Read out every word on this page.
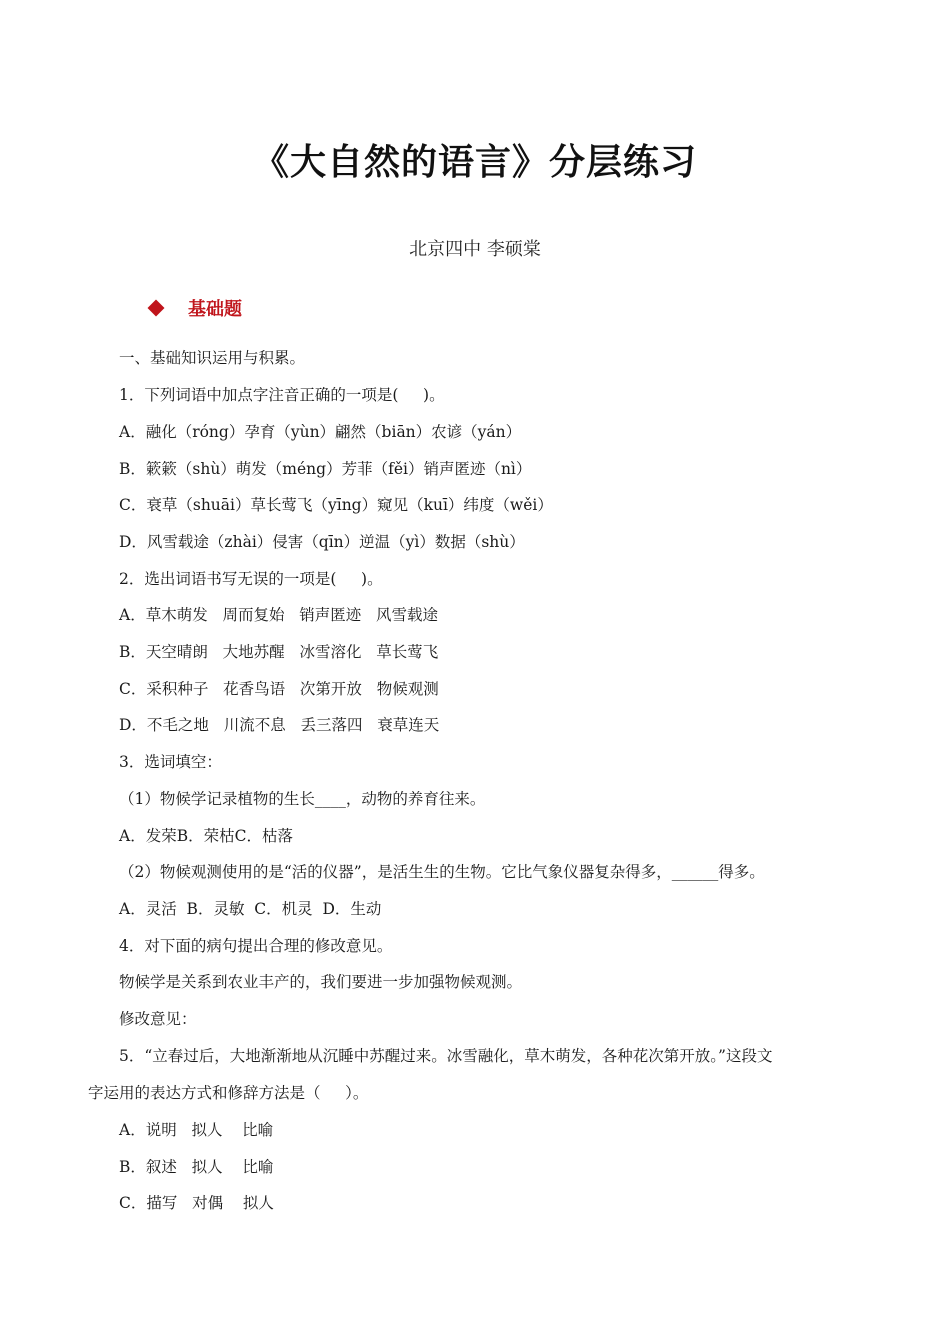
《大自然的语言》分层练习
北京四中 李硕棠
基础题
一、基础知识运用与积累。
1．下列词语中加点字注音正确的一项是(     )。
A．融化（róng）孕育（yùn）翩然（biān）农谚（yán）
B．簌簌（shù）萌发（méng）芳菲（fěi）销声匿迹（nì）
C．衰草（shuāi）草长莺飞（yīng）窥见（kuī）纬度（wěi）
D．风雪载途（zhài）侵害（qīn）逆温（yì）数据（shù）
2．选出词语书写无误的一项是(     )。
A．草木萌发   周而复始   销声匿迹   风雪载途
B．天空晴朗   大地苏醒   冰雪溶化   草长莺飞
C．采积种子   花香鸟语   次第开放   物候观测
D．不毛之地   川流不息   丢三落四   衰草连天
3．选词填空：
（1）物候学记录植物的生长____，动物的养育往来。
A．发荣B．荣枯C．枯落
（2）物候观测使用的是“活的仪器”，是活生生的生物。它比气象仪器复杂得多，______得多。
A．灵活  B．灵敏  C．机灵  D．生动
4．对下面的病句提出合理的修改意见。
物候学是关系到农业丰产的，我们要进一步加强物候观测。
修改意见：
5．“立春过后，大地渐渐地从沉睡中苏醒过来。冰雪融化，草木萌发，各种花次第开放。”这段文
字运用的表达方式和修辞方法是（     ）。
A．说明   拟人    比喻
B．叙述   拟人    比喻
C．描写   对偶    拟人
